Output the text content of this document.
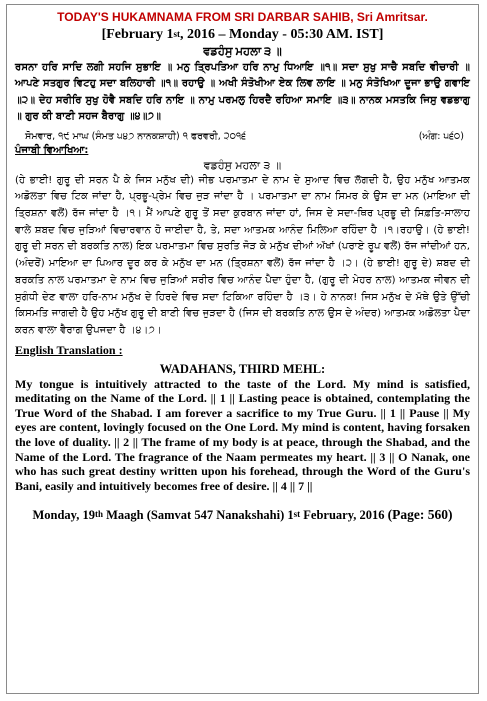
TODAY'S HUKAMNAMA FROM SRI DARBAR SAHIB, Sri Amritsar.
[February 1st, 2016 – Monday - 05:30 AM. IST]
ਵਡਹੰਸੁ ਮਹਲਾ ੩ ॥
ਰਸਨਾ ਹਰਿ ਸਾਦਿ ਲਗੀ ਸਹਜਿ ਸੁਭਾਇ ॥ ਮਨੁ ਤ੍ਰਿਪਤਿਆ ਹਰਿ ਨਾਮੁ ਧਿਆਇ ॥੧॥ ਸਦਾ ਸੁਖੁ ਸਾਚੈ ਸਬਦਿ ਵੀਚਾਰੀ ॥ ਆਪਣੇ ਸਤਗੁਰ ਵਿਟਹੁ ਸਦਾ ਬਲਿਹਾਰੀ ॥੧॥ ਰਹਾਉ ॥ ਅਖੀ ਸੰਤੋਖੀਆ ਏਕ ਲਿਵ ਲਾਇ ॥ ਮਨੁ ਸੰਤੋਖਿਆ ਦੂਜਾ ਭਾਉ ਗਵਾਇ ॥੨॥ ਦੇਹ ਸਰੀਰਿ ਸੁਖੁ ਹੋਵੈ ਸਬਦਿ ਹਰਿ ਨਾਇ ॥ ਨਾਮੁ ਪਰਮਲੁ ਹਿਰਦੈ ਰਹਿਆ ਸਮਾਇ ॥੩॥ ਨਾਨਕ ਮਸਤਕਿ ਜਿਸੁ ਵਡਭਾਗੁ ॥ ਗੁਰ ਕੀ ਬਾਣੀ ਸਹਜ ਬੈਰਾਗੁ ॥੪॥੭॥
ਸੋਮਵਾਰ, ੧੯ ਮਾਘ (ਸੰਮਤ ੫੪੭ ਨਾਨਕਸ਼ਾਹੀ) ੧ ਫਰਵਰੀ, ੨੦੧੬	(ਅੰਗ: ੫੬੦)
ਪੰਜਾਬੀ ਵਿਆਖਿਆ:
ਵਡਹੰਸੁ ਮਹਲਾ ੩ ॥
(ਹੇ ਭਾਈ! ਗੁਰੂ ਦੀ ਸਰਨ ਪੈ ਕੇ ਜਿਸ ਮਨੁੱਖ ਦੀ) ਜੀਭ ਪਰਮਾਤਮਾ ਦੇ ਨਾਮ ਦੇ ਸੁਆਦ ਵਿਚ ਲੱਗਦੀ ਹੈ, ਉਹ ਮਨੁੱਖ ਆਤਮਕ ਅਡੋਲਤਾ ਵਿਚ ਟਿਕ ਜਾਂਦਾ ਹੈ, ਪ੍ਰਭੂ-ਪ੍ਰੇਮ ਵਿਚ ਜੁੜ ਜਾਂਦਾ ਹੈ । ਪਰਮਾਤਮਾ ਦਾ ਨਾਮ ਸਿਮਰ ਕੇ ਉਸ ਦਾ ਮਨ (ਮਾਇਆ ਦੀ ਤ੍ਰਿਸ਼ਨਾ ਵਲੋਂ) ਰੱਜ ਜਾਂਦਾ ਹੈ ।੧। ਮੈਂ ਆਪਣੇ ਗੁਰੂ ਤੋਂ ਸਦਾ ਕੁਰਬਾਨ ਜਾਂਦਾ ਹਾਂ, ਜਿਸ ਦੇ ਸਦਾ-ਥਿਰ ਪ੍ਰਭੂ ਦੀ ਸਿਫ਼ਤਿ-ਸਾਲਾਹ ਵਾਲੇ ਸ਼ਬਦ ਵਿਚ ਜੁੜਿਆਂ ਵਿਚਾਰਵਾਨ ਹੋ ਜਾਈਦਾ ਹੈ, ਤੇ, ਸਦਾ ਆਤਮਕ ਆਨੰਦ ਮਿਲਿਆ ਰਹਿੰਦਾ ਹੈ ।੧।ਰਹਾਉ। (ਹੇ ਭਾਈ! ਗੁਰੂ ਦੀ ਸਰਨ ਦੀ ਬਰਕਤਿ ਨਾਲ) ਇਕ ਪਰਮਾਤਮਾ ਵਿਚ ਸੁਰਤਿ ਜੋੜ ਕੇ ਮਨੁੱਖ ਦੀਆਂ ਅੱਖਾਂ (ਪਰਾਏ ਰੂਪ ਵਲੋਂ) ਰੱਜ ਜਾਂਦੀਆਂ ਹਨ, (ਅੰਦਰੋਂ) ਮਾਇਆ ਦਾ ਪਿਆਰ ਦੂਰ ਕਰ ਕੇ ਮਨੁੱਖ ਦਾ ਮਨ (ਤ੍ਰਿਸ਼ਨਾ ਵਲੋਂ) ਰੱਜ ਜਾਂਦਾ ਹੈ ।੨। (ਹੇ ਭਾਈ! ਗੁਰੂ ਦੇ) ਸ਼ਬਦ ਦੀ ਬਰਕਤਿ ਨਾਲ ਪਰਮਾਤਮਾ ਦੇ ਨਾਮ ਵਿਚ ਜੁੜਿਆਂ ਸਰੀਰ ਵਿਚ ਆਨੰਦ ਪੈਦਾ ਹੁੰਦਾ ਹੈ, (ਗੁਰੂ ਦੀ ਮੇਹਰ ਨਾਲ) ਆਤਮਕ ਜੀਵਨ ਦੀ ਸੁਗੰਧੀ ਦੇਣ ਵਾਲਾ ਹਰਿ-ਨਾਮ ਮਨੁੱਖ ਦੇ ਹਿਰਦੇ ਵਿਚ ਸਦਾ ਟਿਕਿਆ ਰਹਿੰਦਾ ਹੈ ।੩। ਹੇ ਨਾਨਕ! ਜਿਸ ਮਨੁੱਖ ਦੇ ਮੱਥੇ ਉਤੇ ਉੱਚੀ ਕਿਸਮਤਿ ਜਾਗਦੀ ਹੈ ਉਹ ਮਨੁੱਖ ਗੁਰੂ ਦੀ ਬਾਣੀ ਵਿਚ ਜੁੜਦਾ ਹੈ (ਜਿਸ ਦੀ ਬਰਕਤਿ ਨਾਲ ਉਸ ਦੇ ਅੰਦਰ) ਆਤਮਕ ਅਡੋਲਤਾ ਪੈਦਾ ਕਰਨ ਵਾਲਾ ਵੈਰਾਗ ਉਪਜਦਾ ਹੈ ।੪।੭।
English Translation :
WADAHANS, THIRD MEHL:
My tongue is intuitively attracted to the taste of the Lord. My mind is satisfied, meditating on the Name of the Lord. || 1 || Lasting peace is obtained, contemplating the True Word of the Shabad. I am forever a sacrifice to my True Guru. || 1 || Pause || My eyes are content, lovingly focused on the One Lord. My mind is content, having forsaken the love of duality. || 2 || The frame of my body is at peace, through the Shabad, and the Name of the Lord. The fragrance of the Naam permeates my heart. || 3 || O Nanak, one who has such great destiny written upon his forehead, through the Word of the Guru's Bani, easily and intuitively becomes free of desire. || 4 || 7 ||
Monday, 19th Maagh (Samvat 547 Nanakshahi) 1st February, 2016 (Page: 560)
